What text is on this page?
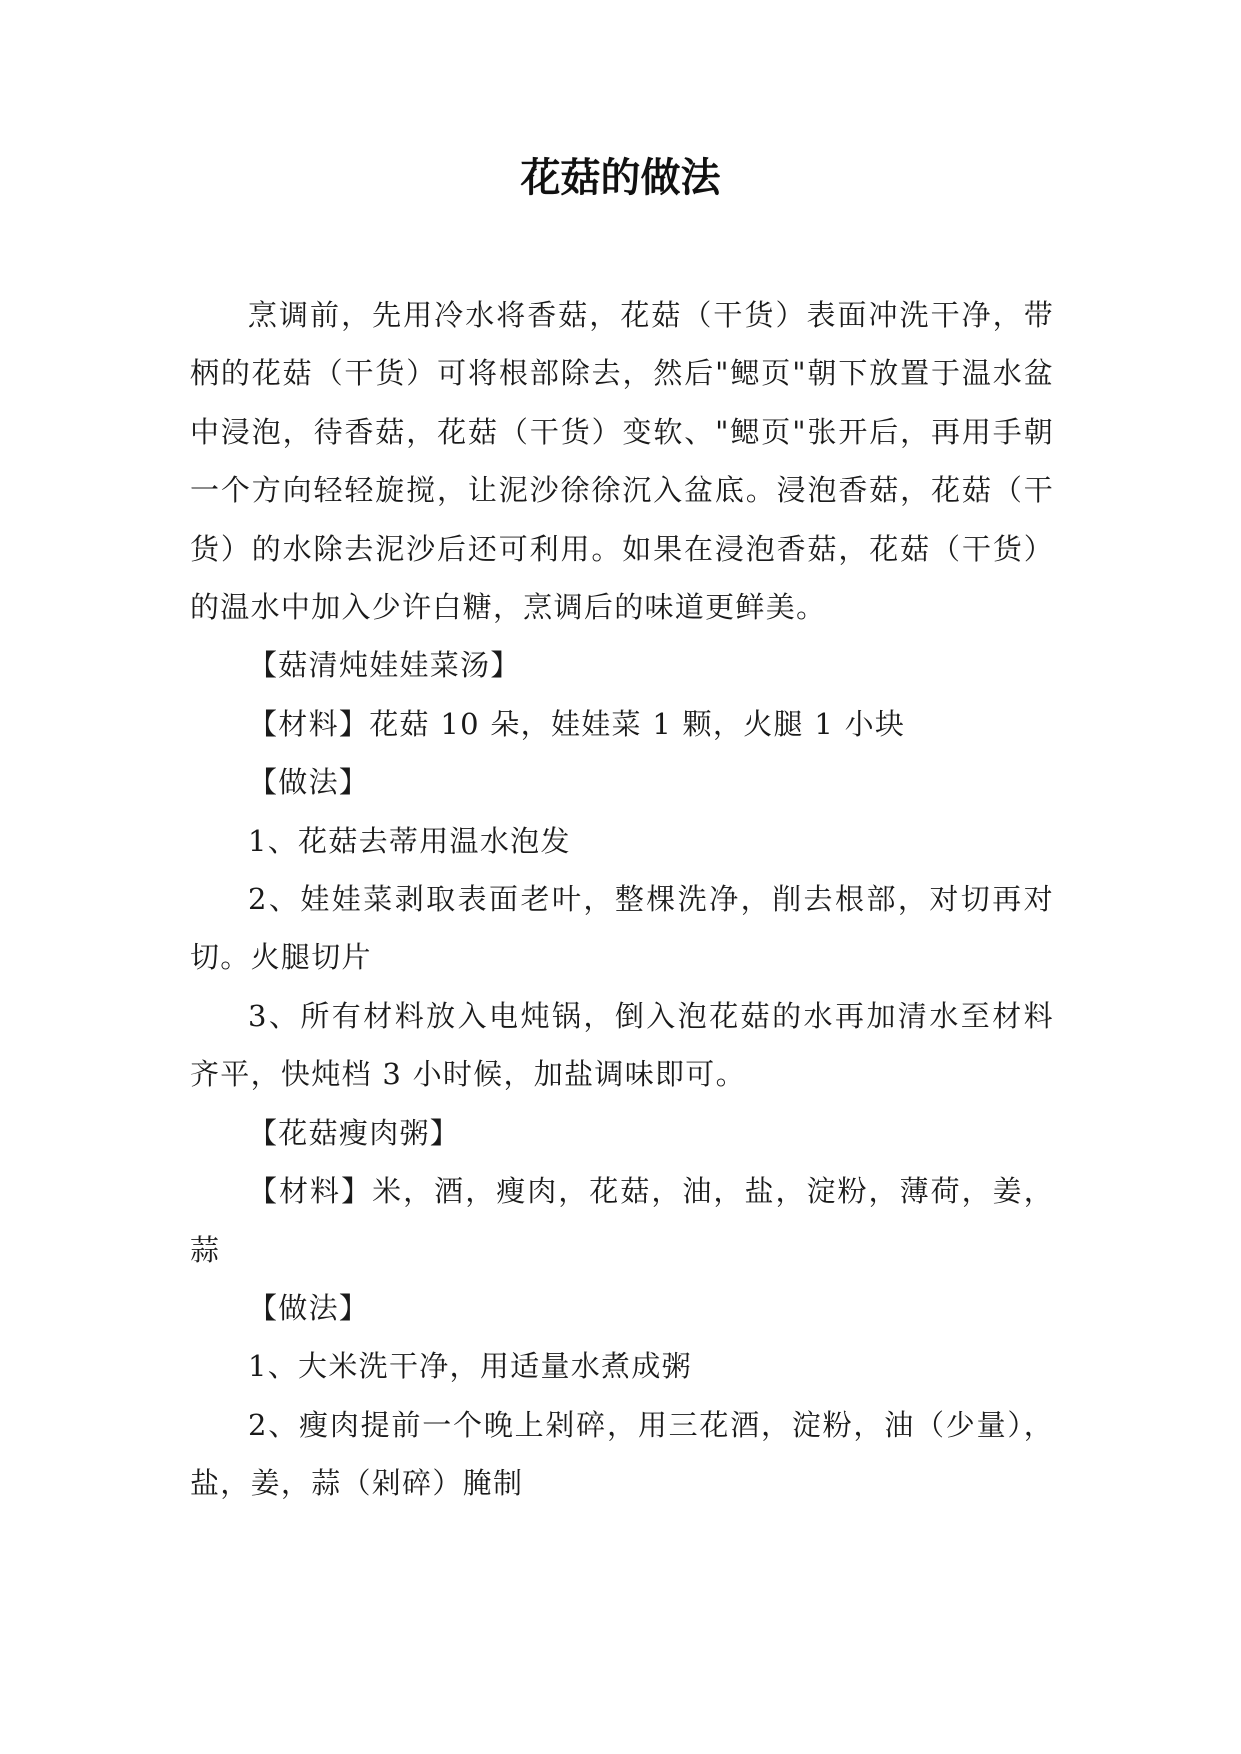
花菇的做法

烹调前，先用冷水将香菇，花菇（干货）表面冲洗干净，带柄的花菇（干货）可将根部除去，然后"鳃页"朝下放置于温水盆中浸泡，待香菇，花菇（干货）变软、"鳃页"张开后，再用手朝一个方向轻轻旋搅，让泥沙徐徐沉入盆底。浸泡香菇，花菇（干货）的水除去泥沙后还可利用。如果在浸泡香菇，花菇（干货）的温水中加入少许白糖，烹调后的味道更鲜美。

【菇清炖娃娃菜汤】

【材料】花菇 10 朵，娃娃菜 1 颗，火腿 1 小块

【做法】

1、花菇去蒂用温水泡发

2、娃娃菜剥取表面老叶，整棵洗净，削去根部，对切再对切。火腿切片

3、所有材料放入电炖锅，倒入泡花菇的水再加清水至材料齐平，快炖档 3 小时候，加盐调味即可。

【花菇瘦肉粥】

【材料】米，酒，瘦肉，花菇，油，盐，淀粉，薄荷，姜，蒜

【做法】

1、大米洗干净，用适量水煮成粥

2、瘦肉提前一个晚上剁碎，用三花酒，淀粉，油（少量），盐，姜，蒜（剁碎）腌制
